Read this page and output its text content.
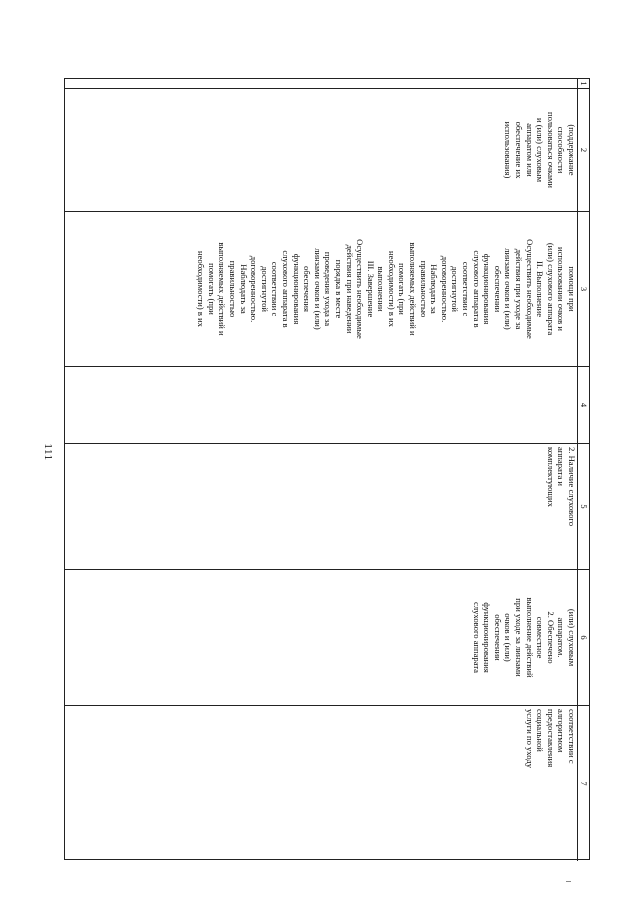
111
1
2
(поддержание
способности
пользоваться очками
и (или) слуховым
аппаратом или
обеспечение их
использования)
3
помощи при
использовании очков и
(или) слухового аппарата
II. Выполнение
Осуществить необходимые
действия при уходе за
линзами очков и (или)
обеспечении
функционирования
слухового аппарата в
соответствии с
достигнутой
договоренностью.
Наблюдать за
правильностью
выполняемых действий и
помогать (при
необходимости) в их
выполнении
III. Завершение
Осуществить необходимые
действия при наведении
порядка в месте
проведения ухода за
линзами очков и (или)
обеспечения
функционирования
слухового аппарата в
соответствии с
достигнутой
договоренностью.
Наблюдать за
правильностью
выполняемых действий и
помогать (при
необходимости) в их
4
5
2. Наличие слухового
аппарата и
комплектующих
6
(или) слуховым
аппаратом.
2. Обеспечено
совместное
выполнение действий
при уходе за линзами
очков и (или)
обеспечении
функционирования
слухового аппарата
7
соответствии с
алгоритмом
предоставления
социальной
услуги по уходу
